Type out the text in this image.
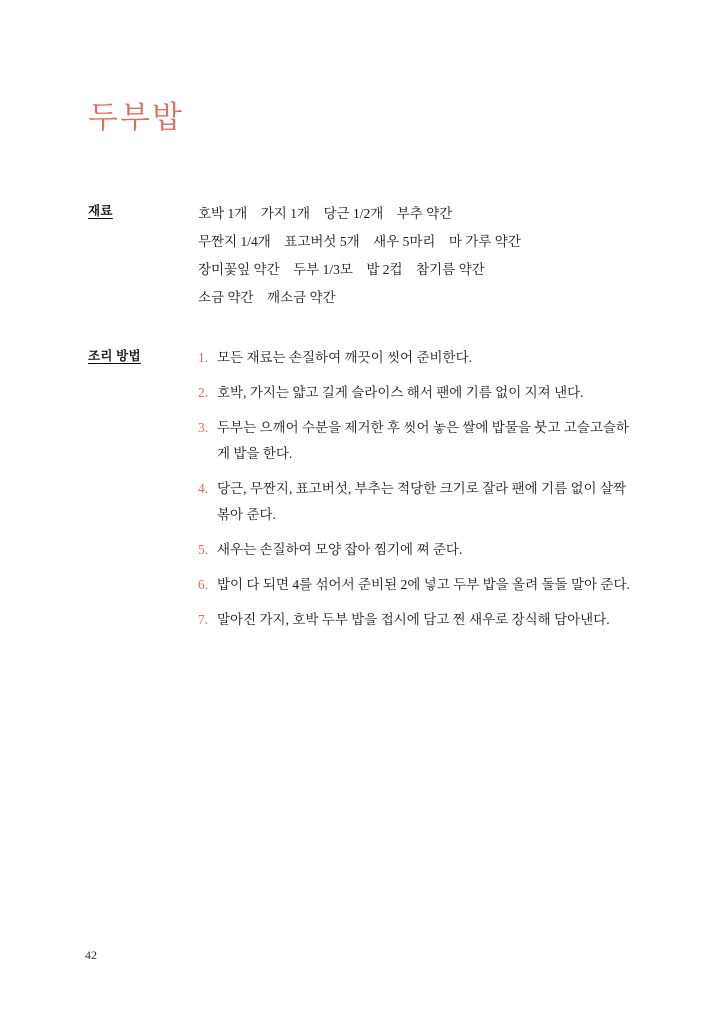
두부밥
재료	호박 1개    가지 1개    당근 1/2개    부추 약간
무짠지 1/4개    표고버섯 5개    새우 5마리    마 가루 약간
장미꽃잎 약간    두부 1/3모    밥 2컵    참기름 약간
소금 약간    깨소금 약간
조리 방법	모든 재료는 손질하여 깨끗이 씻어 준비한다.
호박, 가지는 얇고 길게 슬라이스 해서 팬에 기름 없이 지져 낸다.
두부는 으깨어 수분을 제거한 후 씻어 놓은 쌀에 밥물을 붓고 고슬고슬하게 밥을 한다.
당근, 무짠지, 표고버섯, 부추는 적당한 크기로 잘라 팬에 기름 없이 살짝 볶아 준다.
새우는 손질하여 모양 잡아 찜기에 쪄 준다.
밥이 다 되면 4를 섞어서 준비된 2에 넣고 두부 밥을 올려 돌돌 말아 준다.
말아진 가지, 호박 두부 밥을 접시에 담고 찐 새우로 장식해 담아낸다.
42
